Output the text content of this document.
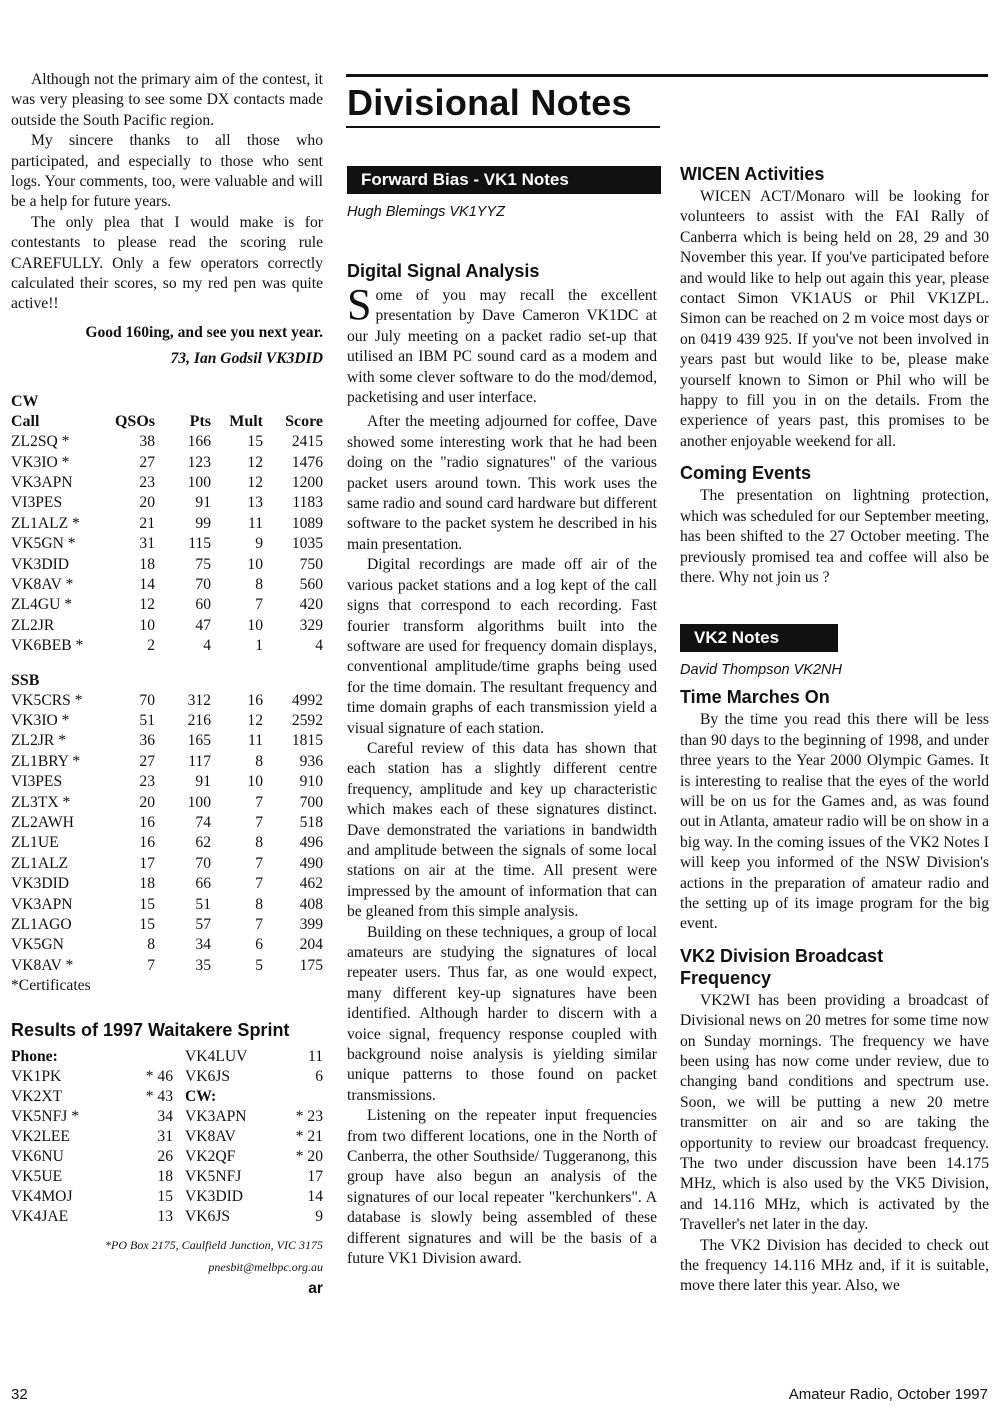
Although not the primary aim of the contest, it was very pleasing to see some DX contacts made outside the South Pacific region.

My sincere thanks to all those who participated, and especially to those who sent logs. Your comments, too, were valuable and will be a help for future years.

The only plea that I would make is for contestants to please read the scoring rule CAREFULLY. Only a few operators correctly calculated their scores, so my red pen was quite active!!

Good 160ing, and see you next year.

73, Ian Godsil VK3DID

CW

Call	QSOs	Pts	Mult	Score
ZL2SQ *	38	166	15	2415
VK3IO *	27	123	12	1476
VK3APN	23	100	12	1200
VI3PES	20	91	13	1183
ZL1ALZ *	21	99	11	1089
VK5GN *	31	115	9	1035
VK3DID	18	75	10	750
VK8AV *	14	70	8	560
ZL4GU *	12	60	7	420
ZL2JR	10	47	10	329
VK6BEB *	2	4	1	4

SSB

VK5CRS *	70	312	16	4992
VK3IO *	51	216	12	2592
ZL2JR *	36	165	11	1815
ZL1BRY *	27	117	8	936
VI3PES	23	91	10	910
ZL3TX *	20	100	7	700
ZL2AWH	16	74	7	518
ZL1UE	16	62	8	496
ZL1ALZ	17	70	7	490
VK3DID	18	66	7	462
VK3APN	15	51	8	408
ZL1AGO	15	57	7	399
VK5GN	8	34	6	204
VK8AV *	7	35	5	175

*Certificates

Results of 1997 Waitakere Sprint
Phone:		VK4LUV	11
VK1PK	* 46	VK6JS	6
VK2XT	* 43	CW:	
VK5NFJ *	34	VK3APN	* 23
VK2LEE	31	VK8AV	* 21
VK6NU	26	VK2QF	* 20
VK5UE	18	VK5NFJ	17
VK4MOJ	15	VK3DID	14
VK4JAE	13	VK6JS	9

*PO Box 2175, Caulfield Junction, VIC 3175

pnesbit@melbpc.org.au

ar

Divisional Notes
Forward Bias - VK1 Notes

Hugh Blemings VK1YYZ

Digital Signal Analysis

Some of you may recall the excellent presentation by Dave Cameron VK1DC at our July meeting on a packet radio set-up that utilised an IBM PC sound card as a modem and with some clever software to do the mod/demod, packetising and user interface.

After the meeting adjourned for coffee, Dave showed some interesting work that he had been doing on the "radio signatures" of the various packet users around town. This work uses the same radio and sound card hardware but different software to the packet system he described in his main presentation.

Digital recordings are made off air of the various packet stations and a log kept of the call signs that correspond to each recording. Fast fourier transform algorithms built into the software are used for frequency domain displays, conventional amplitude/time graphs being used for the time domain. The resultant frequency and time domain graphs of each transmission yield a visual signature of each station.

Careful review of this data has shown that each station has a slightly different centre frequency, amplitude and key up characteristic which makes each of these signatures distinct. Dave demonstrated the variations in bandwidth and amplitude between the signals of some local stations on air at the time. All present were impressed by the amount of information that can be gleaned from this simple analysis.

Building on these techniques, a group of local amateurs are studying the signatures of local repeater users. Thus far, as one would expect, many different key-up signatures have been identified. Although harder to discern with a voice signal, frequency response coupled with background noise analysis is yielding similar unique patterns to those found on packet transmissions.

Listening on the repeater input frequencies from two different locations, one in the North of Canberra, the other Southside/ Tuggeranong, this group have also begun an analysis of the signatures of our local repeater "kerchunkers". A database is slowly being assembled of these different signatures and will be the basis of a future VK1 Division award.

WICEN Activities

WICEN ACT/Monaro will be looking for volunteers to assist with the FAI Rally of Canberra which is being held on 28, 29 and 30 November this year. If you've participated before and would like to help out again this year, please contact Simon VK1AUS or Phil VK1ZPL. Simon can be reached on 2 m voice most days or on 0419 439 925. If you've not been involved in years past but would like to be, please make yourself known to Simon or Phil who will be happy to fill you in on the details. From the experience of years past, this promises to be another enjoyable weekend for all.

Coming Events

The presentation on lightning protection, which was scheduled for our September meeting, has been shifted to the 27 October meeting. The previously promised tea and coffee will also be there. Why not join us ?

VK2 Notes

David Thompson VK2NH

Time Marches On

By the time you read this there will be less than 90 days to the beginning of 1998, and under three years to the Year 2000 Olympic Games. It is interesting to realise that the eyes of the world will be on us for the Games and, as was found out in Atlanta, amateur radio will be on show in a big way. In the coming issues of the VK2 Notes I will keep you informed of the NSW Division's actions in the preparation of amateur radio and the setting up of its image program for the big event.

VK2 Division Broadcast Frequency

VK2WI has been providing a broadcast of Divisional news on 20 metres for some time now on Sunday mornings. The frequency we have been using has now come under review, due to changing band conditions and spectrum use. Soon, we will be putting a new 20 metre transmitter on air and so are taking the opportunity to review our broadcast frequency. The two under discussion have been 14.175 MHz, which is also used by the VK5 Division, and 14.116 MHz, which is activated by the Traveller's net later in the day.

The VK2 Division has decided to check out the frequency 14.116 MHz and, if it is suitable, move there later this year. Also, we

32	Amateur Radio, October 1997
